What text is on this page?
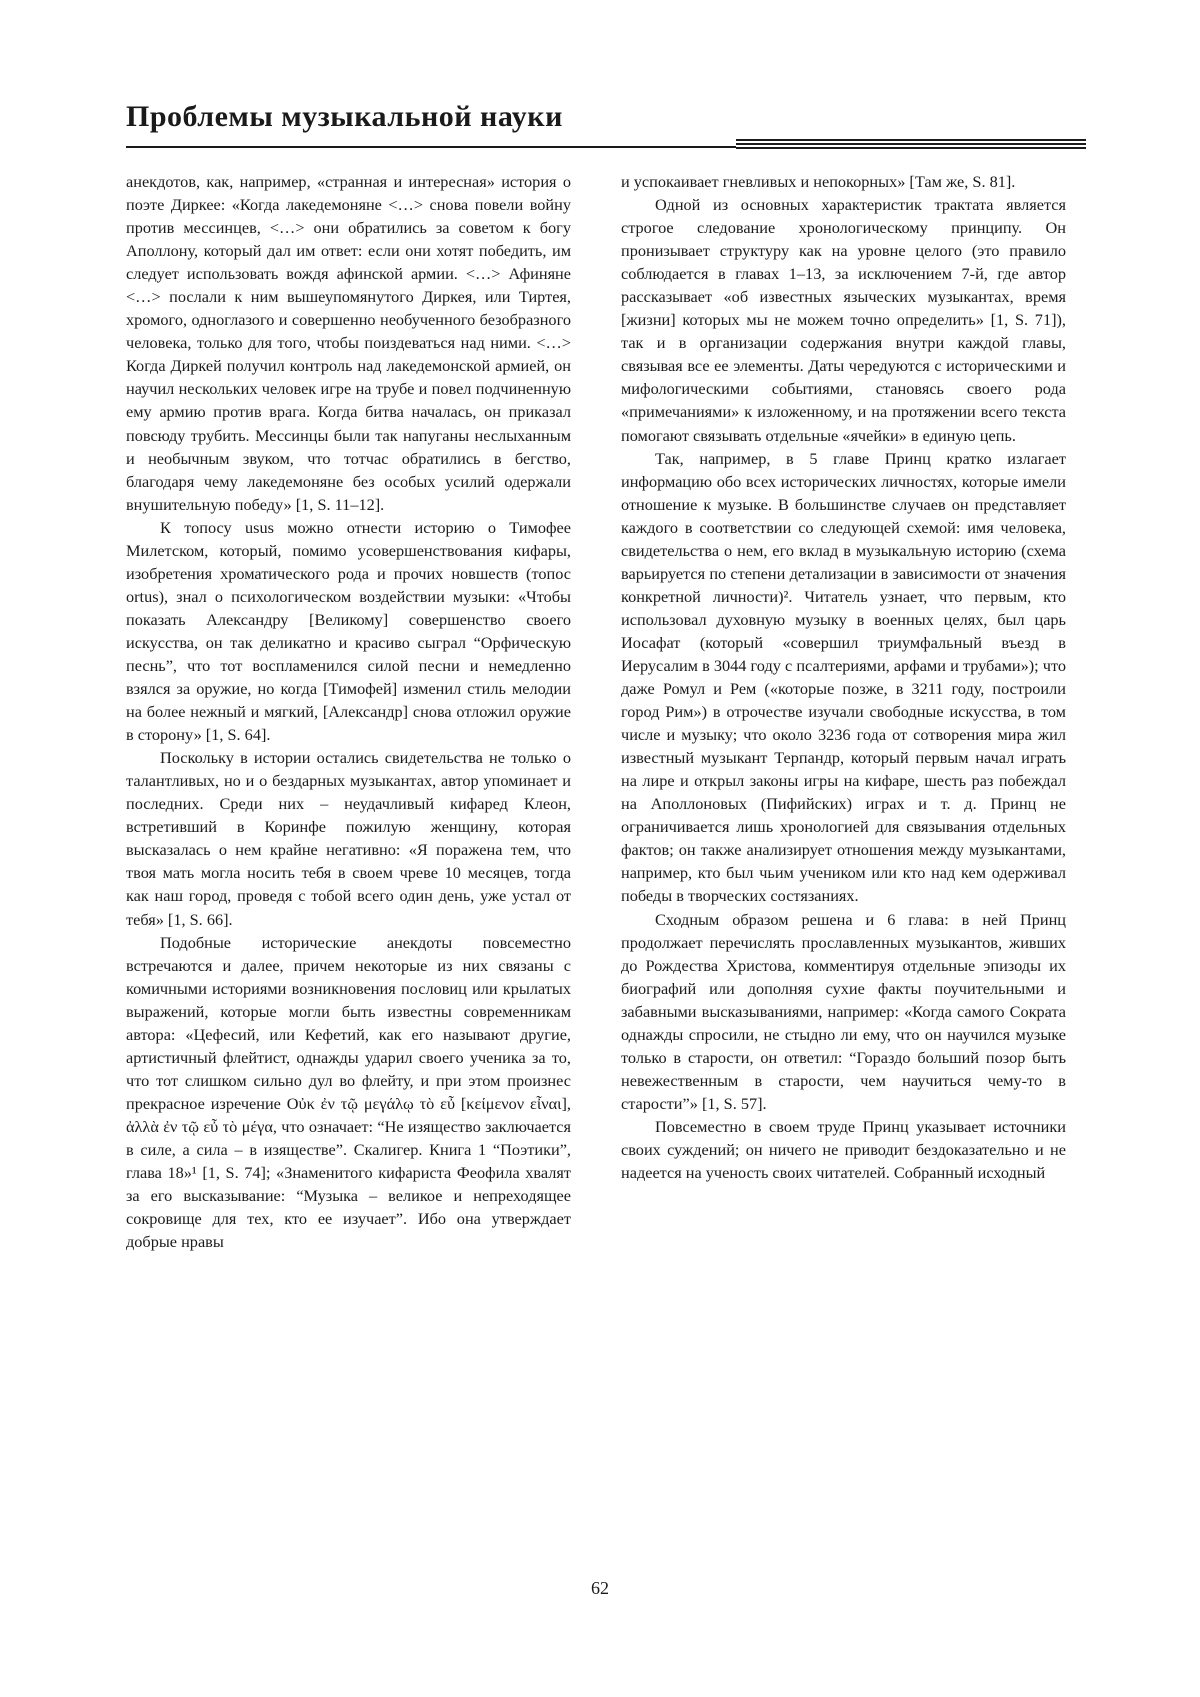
Проблемы музыкальной науки

анекдотов, как, например, «странная и интересная» история о поэте Диркее: «Когда лакедемоняне <…> снова повели войну против мессинцев, <…> они обратились за советом к богу Аполлону, который дал им ответ: если они хотят победить, им следует использовать вождя афинской армии. <…> Афиняне <…> послали к ним вышеупомянутого Диркея, или Тиртея, хромого, одноглазого и совершенно необученного безобразного человека, только для того, чтобы поиздеваться над ними. <…> Когда Диркей получил контроль над лакедемонской армией, он научил нескольких человек игре на трубе и повел подчиненную ему армию против врага. Когда битва началась, он приказал повсюду трубить. Мессинцы были так напуганы неслыханным и необычным звуком, что тотчас обратились в бегство, благодаря чему лакедемоняне без особых усилий одержали внушительную победу» [1, S. 11–12].

К топосу usus можно отнести историю о Тимофее Милетском, который, помимо усовершенствования кифары, изобретения хроматического рода и прочих новшеств (топос ortus), знал о психологическом воздействии музыки: «Чтобы показать Александру [Великому] совершенство своего искусства, он так деликатно и красиво сыграл “Орфическую песнь”, что тот воспламенился силой песни и немедленно взялся за оружие, но когда [Тимофей] изменил стиль мелодии на более нежный и мягкий, [Александр] снова отложил оружие в сторону» [1, S. 64].

Поскольку в истории остались свидетельства не только о талантливых, но и о бездарных музыкантах, автор упоминает и последних. Среди них – неудачливый кифаред Клеон, встретивший в Коринфе пожилую женщину, которая высказалась о нем крайне негативно: «Я поражена тем, что твоя мать могла носить тебя в своем чреве 10 месяцев, тогда как наш город, проведя с тобой всего один день, уже устал от тебя» [1, S. 66].

Подобные исторические анекдоты повсеместно встречаются и далее, причем некоторые из них связаны с комичными историями возникновения пословиц или крылатых выражений, которые могли быть известны современникам автора: «Цефесий, или Кефетий, как его называют другие, артистичный флейтист, однажды ударил своего ученика за то, что тот слишком сильно дул во флейту, и при этом произнес прекрасное изречение Οὐκ ἐν τῷ μεγάλῳ τὸ εὖ [κείμενον εἶναι], ἀλλὰ ἐν τῷ εὖ τὸ μέγα, что означает: “Не изящество заключается в силе, а сила – в изяществе”. Скалигер. Книга 1 “Поэтики”, глава 18»¹ [1, S. 74]; «Знаменитого кифариста Феофила хвалят за его высказывание: “Музыка – великое и непреходящее сокровище для тех, кто ее изучает”. Ибо она утверждает добрые нравы

и успокаивает гневливых и непокорных» [Там же, S. 81].

Одной из основных характеристик трактата является строгое следование хронологическому принципу. Он пронизывает структуру как на уровне целого (это правило соблюдается в главах 1–13, за исключением 7-й, где автор рассказывает «об известных языческих музыкантах, время [жизни] которых мы не можем точно определить» [1, S. 71]), так и в организации содержания внутри каждой главы, связывая все ее элементы. Даты чередуются с историческими и мифологическими событиями, становясь своего рода «примечаниями» к изложенному, и на протяжении всего текста помогают связывать отдельные «ячейки» в единую цепь.

Так, например, в 5 главе Принц кратко излагает информацию обо всех исторических личностях, которые имели отношение к музыке. В большинстве случаев он представляет каждого в соответствии со следующей схемой: имя человека, свидетельства о нем, его вклад в музыкальную историю (схема варьируется по степени детализации в зависимости от значения конкретной личности)². Читатель узнает, что первым, кто использовал духовную музыку в военных целях, был царь Иосафат (который «совершил триумфальный въезд в Иерусалим в 3044 году с псалтериями, арфами и трубами»); что даже Ромул и Рем («которые позже, в 3211 году, построили город Рим») в отрочестве изучали свободные искусства, в том числе и музыку; что около 3236 года от сотворения мира жил известный музыкант Терпандр, который первым начал играть на лире и открыл законы игры на кифаре, шесть раз побеждал на Аполлоновых (Пифийских) играх и т. д. Принц не ограничивается лишь хронологией для связывания отдельных фактов; он также анализирует отношения между музыкантами, например, кто был чьим учеником или кто над кем одерживал победы в творческих состязаниях.

Сходным образом решена и 6 глава: в ней Принц продолжает перечислять прославленных музыкантов, живших до Рождества Христова, комментируя отдельные эпизоды их биографий или дополняя сухие факты поучительными и забавными высказываниями, например: «Когда самого Сократа однажды спросили, не стыдно ли ему, что он научился музыке только в старости, он ответил: “Гораздо больший позор быть невежественным в старости, чем научиться чему-то в старости”» [1, S. 57].

Повсеместно в своем труде Принц указывает источники своих суждений; он ничего не приводит бездоказательно и не надеется на ученость своих читателей. Собранный исходный

62
